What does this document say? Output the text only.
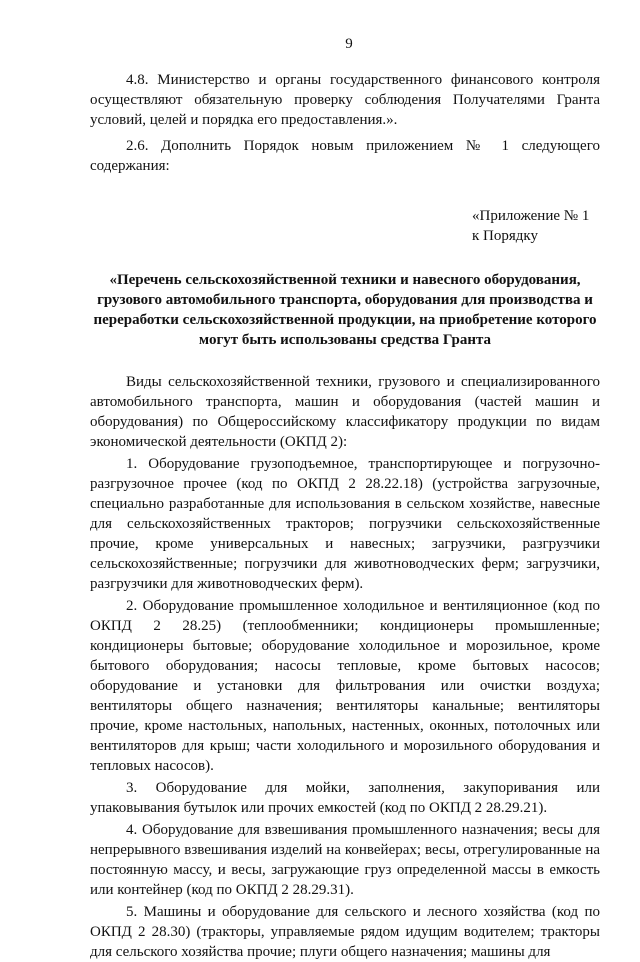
9

4.8. Министерство и органы государственного финансового контроля осуществляют обязательную проверку соблюдения Получателями Гранта условий, целей и порядка его предоставления.».

2.6. Дополнить Порядок новым приложением № 1 следующего содержания:

«Приложение № 1
к Порядку
«Перечень сельскохозяйственной техники и навесного оборудования, грузового автомобильного транспорта, оборудования для производства и переработки сельскохозяйственной продукции, на приобретение которого могут быть использованы средства Гранта

Виды сельскохозяйственной техники, грузового и специализированного автомобильного транспорта, машин и оборудования (частей машин и оборудования) по Общероссийскому классификатору продукции по видам экономической деятельности (ОКПД 2):

1. Оборудование грузоподъемное, транспортирующее и погрузочно-разгрузочное прочее (код по ОКПД 2 28.22.18) (устройства загрузочные, специально разработанные для использования в сельском хозяйстве, навесные для сельскохозяйственных тракторов; погрузчики сельскохозяйственные прочие, кроме универсальных и навесных; загрузчики, разгрузчики сельскохозяйственные; погрузчики для животноводческих ферм; загрузчики, разгрузчики для животноводческих ферм).

2. Оборудование промышленное холодильное и вентиляционное (код по ОКПД 2 28.25) (теплообменники; кондиционеры промышленные; кондиционеры бытовые; оборудование холодильное и морозильное, кроме бытового оборудования; насосы тепловые, кроме бытовых насосов; оборудование и установки для фильтрования или очистки воздуха; вентиляторы общего назначения; вентиляторы канальные; вентиляторы прочие, кроме настольных, напольных, настенных, оконных, потолочных или вентиляторов для крыш; части холодильного и морозильного оборудования и тепловых насосов).

3. Оборудование для мойки, заполнения, закупоривания или упаковывания бутылок или прочих емкостей (код по ОКПД 2 28.29.21).

4. Оборудование для взвешивания промышленного назначения; весы для непрерывного взвешивания изделий на конвейерах; весы, отрегулированные на постоянную массу, и весы, загружающие груз определенной массы в емкость или контейнер (код по ОКПД 2 28.29.31).

5. Машины и оборудование для сельского и лесного хозяйства (код по ОКПД 2 28.30) (тракторы, управляемые рядом идущим водителем; тракторы для сельского хозяйства прочие; плуги общего назначения; машины для
